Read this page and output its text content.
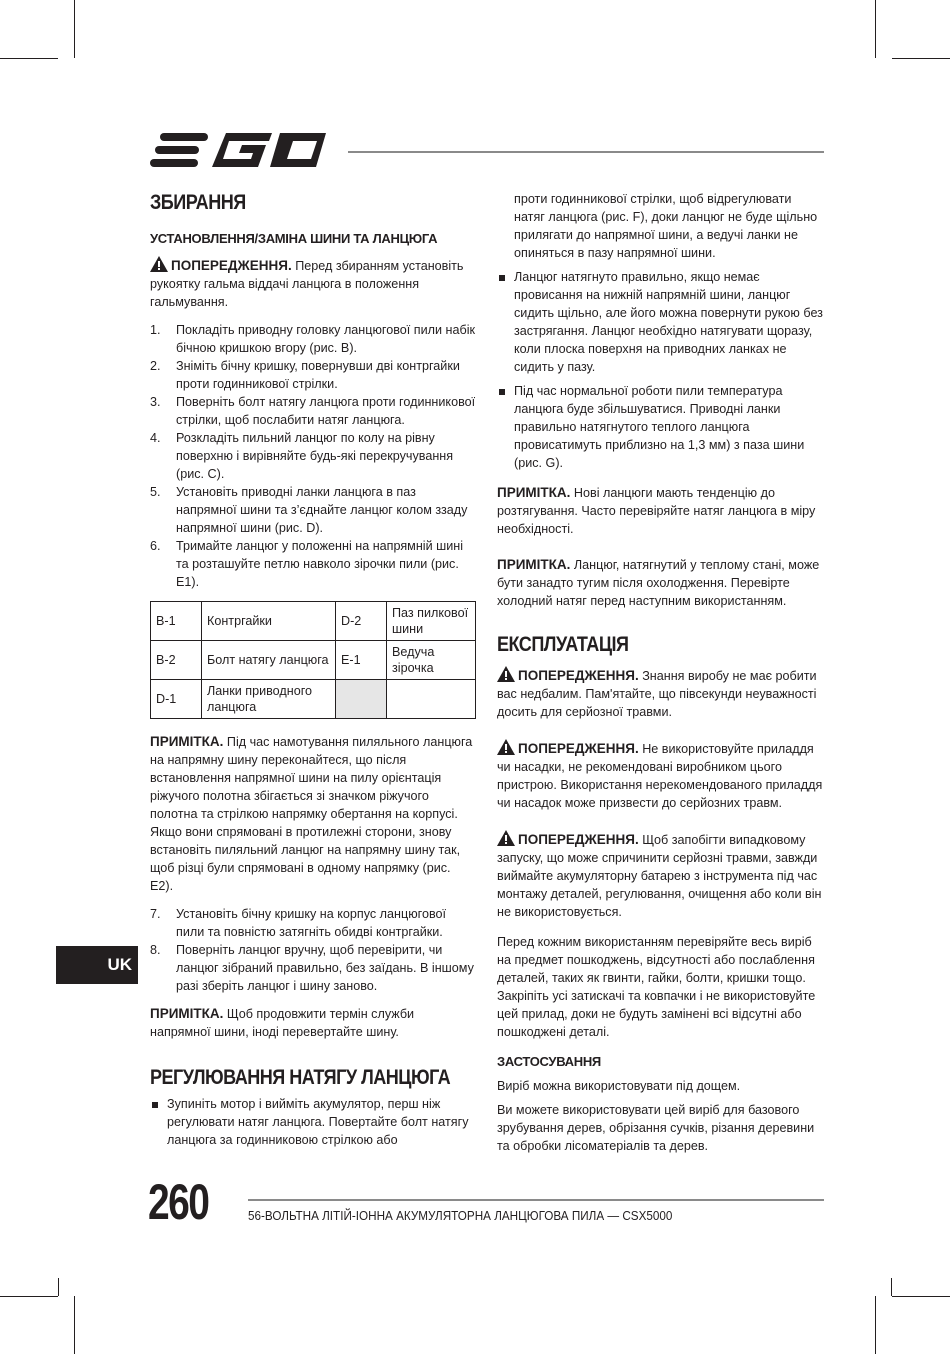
ЗБИРАННЯ
УСТАНОВЛЕННЯ/ЗАМІНА ШИНИ ТА ЛАНЦЮГА

ПОПЕРЕДЖЕННЯ. Перед збиранням установіть рукоятку гальма віддачі ланцюга в положення гальмування.

1. Покладіть приводну головку ланцюгової пили набік бічною кришкою вгору (рис. B).
2. Зніміть бічну кришку, повернувши дві контргайки проти годинникової стрілки.
3. Поверніть болт натягу ланцюга проти годинникової стрілки, щоб послабити натяг ланцюга.
4. Розкладіть пильний ланцюг по колу на рівну поверхню і вирівняйте будь-які перекручування (рис. C).
5. Установіть приводні ланки ланцюга в паз напрямної шини та з’єднайте ланцюг колом ззаду напрямної шини (рис. D).
6. Тримайте ланцюг у положенні на напрямній шині та розташуйте петлю навколо зірочки пили (рис. E1).
B-1	Контргайки	D-2	Паз пилкової шини
B-2	Болт натягу ланцюга	E-1	Ведуча зірочка
D-1	Ланки приводного ланцюга		

ПРИМІТКА. Під час намотування пиляльного ланцюга на напрямну шину переконайтеся, що після встановлення напрямної шини на пилу орієнтація ріжучого полотна збігається зі значком ріжучого полотна та стрілкою напрямку обертання на корпусі. Якщо вони спрямовані в протилежні сторони, знову встановіть пиляльний ланцюг на напрямну шину так, щоб різці були спрямовані в одному напрямку (рис. E2).

7. Установіть бічну кришку на корпус ланцюгової пили та повністю затягніть обидві контргайки.
8. Поверніть ланцюг вручну, щоб перевірити, чи ланцюг зібраний правильно, без заїдань. В іншому разі зберіть ланцюг і шину заново.

ПРИМІТКА. Щоб продовжити термін служби напрямної шини, іноді перевертайте шину.

РЕГУЛЮВАННЯ НАТЯГУ ЛАНЦЮГА
Зупиніть мотор і вийміть акумулятор, перш ніж регулювати натяг ланцюга. Повертайте болт натягу ланцюга за годинниковою стрілкою або

проти годинникової стрілки, щоб відрегулювати натяг ланцюга (рис. F), доки ланцюг не буде щільно прилягати до напрямної шини, а ведучі ланки не опиняться в пазу напрямної шини.

Ланцюг натягнуто правильно, якщо немає провисання на нижній напрямній шини, ланцюг сидить щільно, але його можна повернути рукою без застрягання. Ланцюг необхідно натягувати щоразу, коли плоска поверхня на приводних ланках не сидить у пазу.
Під час нормальної роботи пили температура ланцюга буде збільшуватися. Приводні ланки правильно натягнутого теплого ланцюга провисатимуть приблизно на 1,3 мм) з паза шини (рис. G).

ПРИМІТКА. Нові ланцюги мають тенденцію до розтягування. Часто перевіряйте натяг ланцюга в міру необхідності.

ПРИМІТКА. Ланцюг, натягнутий у теплому стані, може бути занадто тугим після охолодження. Перевірте холодний натяг перед наступним використанням.

ЕКСПЛУАТАЦІЯ

ПОПЕРЕДЖЕННЯ. Знання виробу не має робити вас недбалим. Пам'ятайте, що півсекунди неуважності досить для серйозної травми.

ПОПЕРЕДЖЕННЯ. Не використовуйте приладдя чи насадки, не рекомендовані виробником цього пристрою. Використання нерекомендованого приладдя чи насадок може призвести до серйозних травм.

ПОПЕРЕДЖЕННЯ. Щоб запобігти випадковому запуску, що може спричинити серйозні травми, завжди виймайте акумуляторну батарею з інструмента під час монтажу деталей, регулювання, очищення або коли він не використовується.

Перед кожним використанням перевіряйте весь виріб на предмет пошкоджень, відсутності або послаблення деталей, таких як гвинти, гайки, болти, кришки тощо. Закріпіть усі затискачі та ковпачки і не використовуйте цей прилад, доки не будуть замінені всі відсутні або пошкоджені деталі.

ЗАСТОСУВАННЯ

Виріб можна використовувати під дощем.

Ви можете використовувати цей виріб для базового зрубування дерев, обрізання сучків, різання деревини та обробки лісоматеріалів та дерев.

UK
260	56-ВОЛЬТНА ЛІТІЙ-ІОННА АКУМУЛЯТОРНА ЛАНЦЮГОВА ПИЛА — CSX5000
